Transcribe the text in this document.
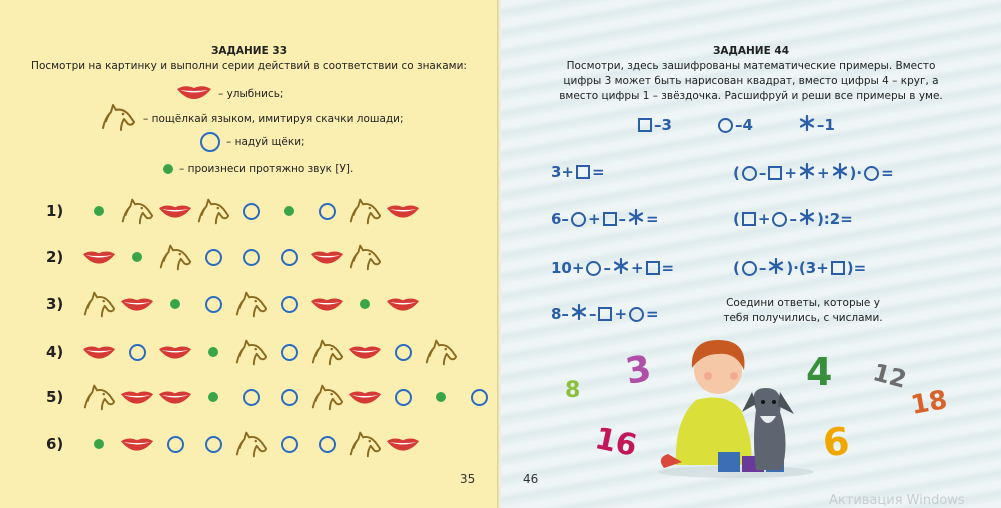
ЗАДАНИЕ 33
Посмотри на картинку и выполни серии действий в соответствии со знаками:
– улыбнись;
– пощёлкай языком, имитируя скачки лошади;
– надуй щёки;
– произнеси протяжно звук [У].
1)
2)
3)
4)
5)
6)
35
ЗАДАНИЕ 44
Посмотри, здесь зашифрованы математические примеры. Вместо цифры 3 может быть нарисован квадрат, вместо цифры 4 – круг, а вместо цифры 1 – звёздочка. Расшифруй и реши все примеры в уме.
–3	–4	–1
3+ =
6– + – =
10+ – + =
8– – + =
( – + + )· =
( + – ):2=
( – )·(3+ )=
Соедини ответы, которые у тебя получились, с числами.
3	4 12
8	18
16	6
46
Активация Windows
